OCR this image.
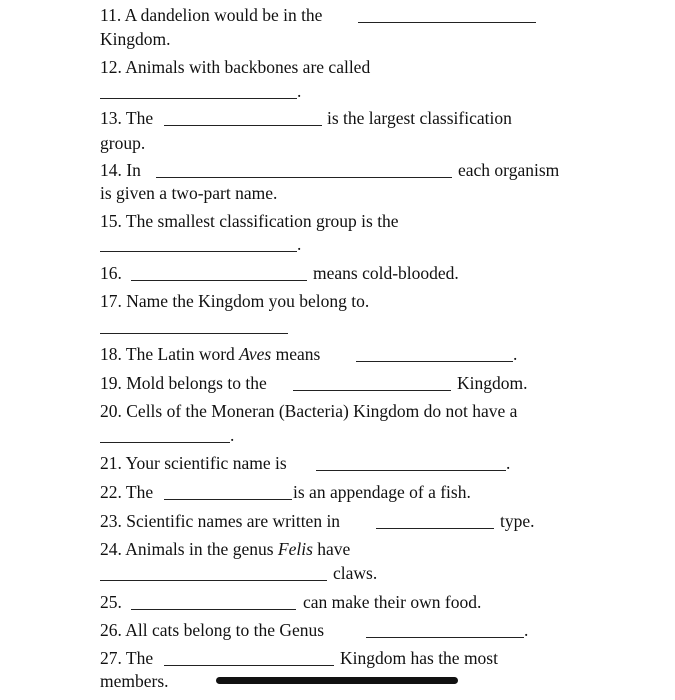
11. A dandelion would be in the
Kingdom.
12. Animals with backbones are called
.
13. The	is the largest classification
group.
14. In	each organism
is given a two-part name.
15. The smallest classification group is the
.
16.	means cold-blooded.
17. Name the Kingdom you belong to.
18. The Latin word Aves means	.
19. Mold belongs to the	Kingdom.
20. Cells of the Moneran (Bacteria) Kingdom do not have a
.
21. Your scientific name is	.
22. The	is an appendage of a fish.
23. Scientific names are written in	type.
24. Animals in the genus Felis have
claws.
25.	can make their own food.
26. All cats belong to the Genus	.
27. The	Kingdom has the most
members.
